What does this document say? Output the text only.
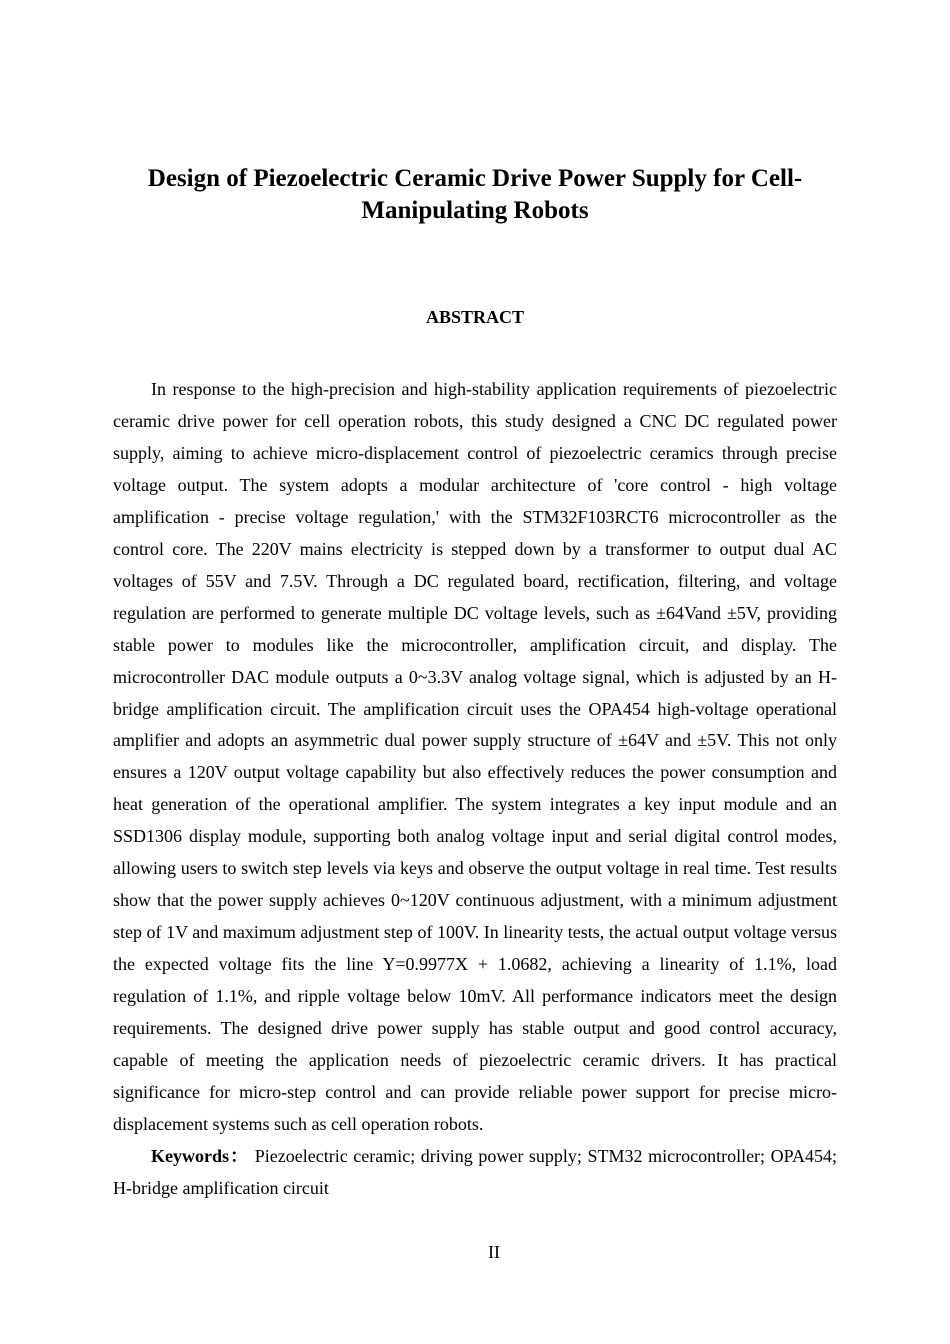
Design of Piezoelectric Ceramic Drive Power Supply for Cell-Manipulating Robots
ABSTRACT

In response to the high-precision and high-stability application requirements of piezoelectric ceramic drive power for cell operation robots, this study designed a CNC DC regulated power supply, aiming to achieve micro-displacement control of piezoelectric ceramics through precise voltage output. The system adopts a modular architecture of 'core control - high voltage amplification - precise voltage regulation,' with the STM32F103RCT6 microcontroller as the control core. The 220V mains electricity is stepped down by a transformer to output dual AC voltages of 55V and 7.5V. Through a DC regulated board, rectification, filtering, and voltage regulation are performed to generate multiple DC voltage levels, such as ±64Vand ±5V, providing stable power to modules like the microcontroller, amplification circuit, and display. The microcontroller DAC module outputs a 0~3.3V analog voltage signal, which is adjusted by an H-bridge amplification circuit. The amplification circuit uses the OPA454 high-voltage operational amplifier and adopts an asymmetric dual power supply structure of ±64V and ±5V. This not only ensures a 120V output voltage capability but also effectively reduces the power consumption and heat generation of the operational amplifier. The system integrates a key input module and an SSD1306 display module, supporting both analog voltage input and serial digital control modes, allowing users to switch step levels via keys and observe the output voltage in real time. Test results show that the power supply achieves 0~120V continuous adjustment, with a minimum adjustment step of 1V and maximum adjustment step of 100V. In linearity tests, the actual output voltage versus the expected voltage fits the line Y=0.9977X + 1.0682, achieving a linearity of 1.1%, load regulation of 1.1%, and ripple voltage below 10mV. All performance indicators meet the design requirements. The designed drive power supply has stable output and good control accuracy, capable of meeting the application needs of piezoelectric ceramic drivers. It has practical significance for micro-step control and can provide reliable power support for precise micro-displacement systems such as cell operation robots.

Keywords： Piezoelectric ceramic; driving power supply; STM32 microcontroller; OPA454; H-bridge amplification circuit

II
